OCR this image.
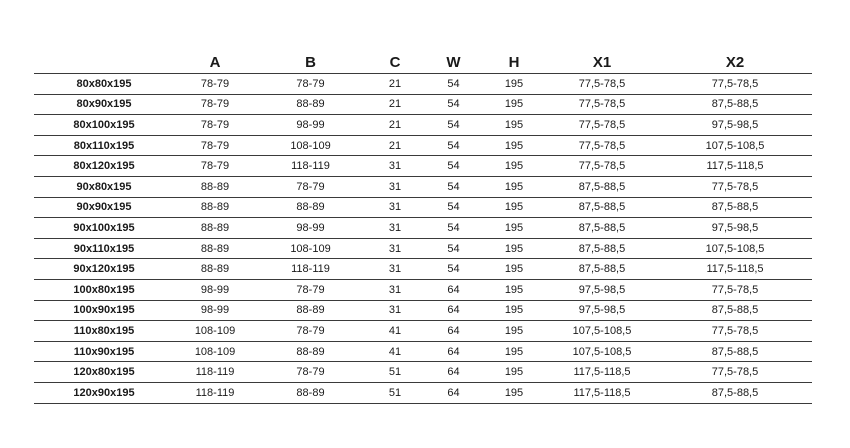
	A	B	C	W	H	X1	X2
80x80x195	78-79	78-79	21	54	195	77,5-78,5	77,5-78,5
80x90x195	78-79	88-89	21	54	195	77,5-78,5	87,5-88,5
80x100x195	78-79	98-99	21	54	195	77,5-78,5	97,5-98,5
80x110x195	78-79	108-109	21	54	195	77,5-78,5	107,5-108,5
80x120x195	78-79	118-119	31	54	195	77,5-78,5	117,5-118,5
90x80x195	88-89	78-79	31	54	195	87,5-88,5	77,5-78,5
90x90x195	88-89	88-89	31	54	195	87,5-88,5	87,5-88,5
90x100x195	88-89	98-99	31	54	195	87,5-88,5	97,5-98,5
90x110x195	88-89	108-109	31	54	195	87,5-88,5	107,5-108,5
90x120x195	88-89	118-119	31	54	195	87,5-88,5	117,5-118,5
100x80x195	98-99	78-79	31	64	195	97,5-98,5	77,5-78,5
100x90x195	98-99	88-89	31	64	195	97,5-98,5	87,5-88,5
110x80x195	108-109	78-79	41	64	195	107,5-108,5	77,5-78,5
110x90x195	108-109	88-89	41	64	195	107,5-108,5	87,5-88,5
120x80x195	118-119	78-79	51	64	195	117,5-118,5	77,5-78,5
120x90x195	118-119	88-89	51	64	195	117,5-118,5	87,5-88,5
